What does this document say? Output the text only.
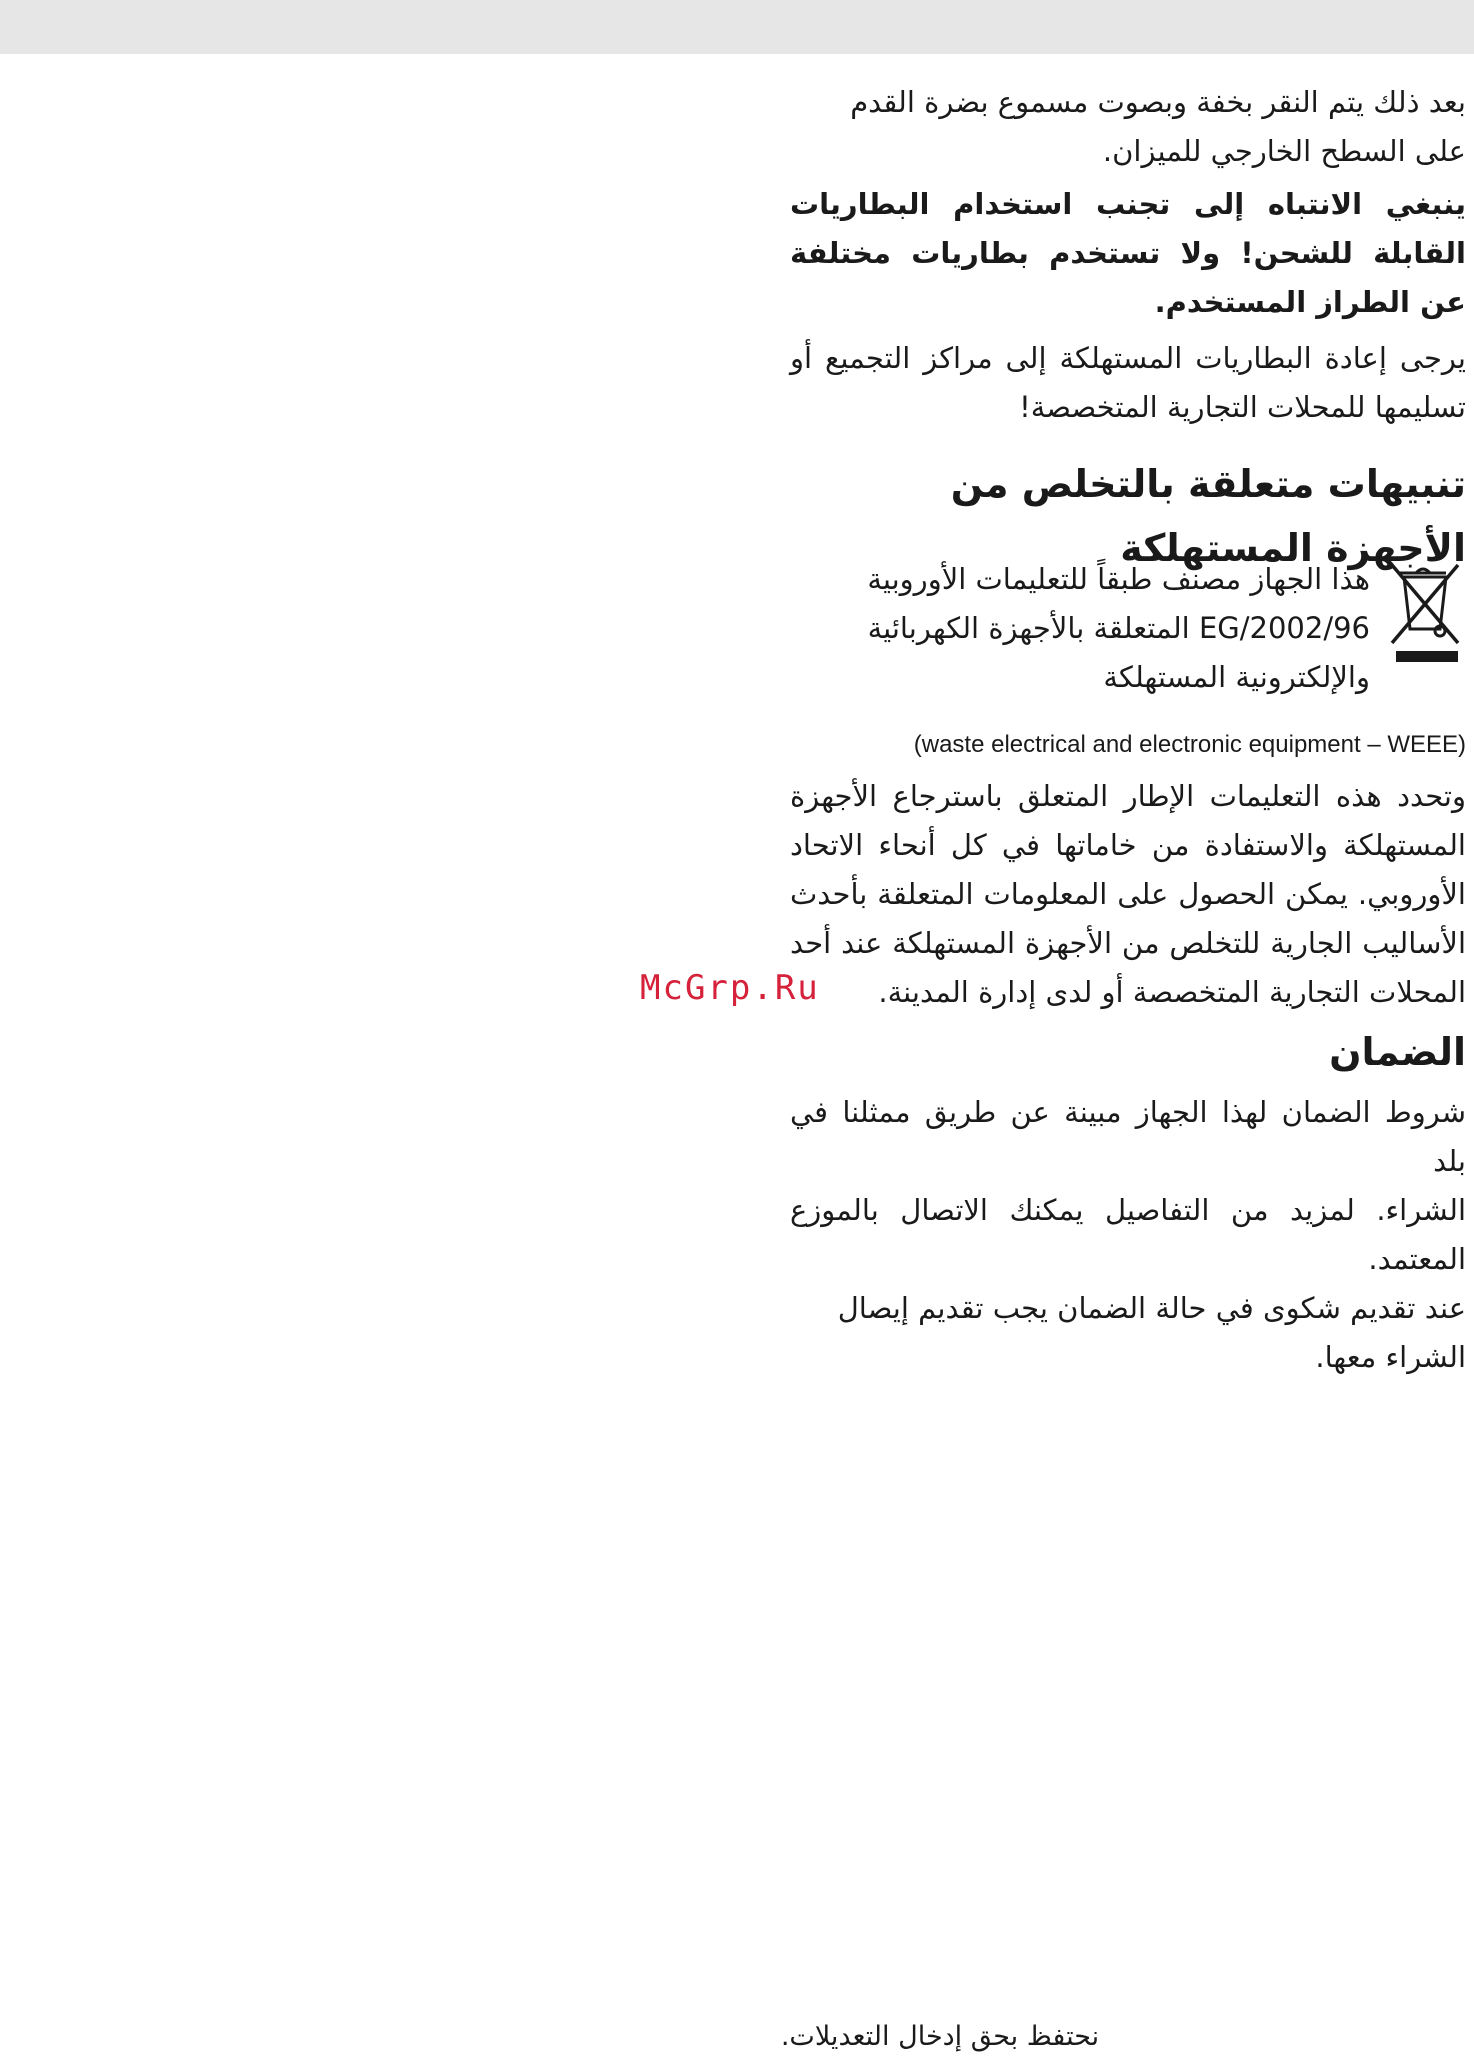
بعد ذلك يتم النقر بخفة وبصوت مسموع بضرة القدم

على السطح الخارجي للميزان.

ينبغي الانتباه إلى تجنب استخدام البطاريات القابلة للشحن! ولا تستخدم بطاريات مختلفة عن الطراز المستخدم.

يرجى إعادة البطاريات المستهلكة إلى مراكز التجميع أو تسليمها للمحلات التجارية المتخصصة!

تنبيهات متعلقة بالتخلص من

الأجهزة المستهلكة

هذا الجهاز مصنف طبقاً للتعليمات الأوروبية
2002/96/EG المتعلقة بالأجهزة الكهربائية
والإلكترونية المستهلكة
(waste electrical and electronic equipment – WEEE)

وتحدد هذه التعليمات الإطار المتعلق باسترجاع الأجهزة المستهلكة والاستفادة من خاماتها في كل أنحاء الاتحاد الأوروبي. يمكن الحصول على المعلومات المتعلقة بأحدث الأساليب الجارية للتخلص من الأجهزة المستهلكة عند أحد المحلات التجارية المتخصصة أو لدى إدارة المدينة.

الضمان

شروط الضمان لهذا الجهاز مبينة عن طريق ممثلنا في بلد

الشراء. لمزيد من التفاصيل يمكنك الاتصال بالموزع المعتمد.

عند تقديم شكوى في حالة الضمان يجب تقديم إيصال

الشراء معها.

McGrp.Ru
نحتفظ بحق إدخال التعديلات.
